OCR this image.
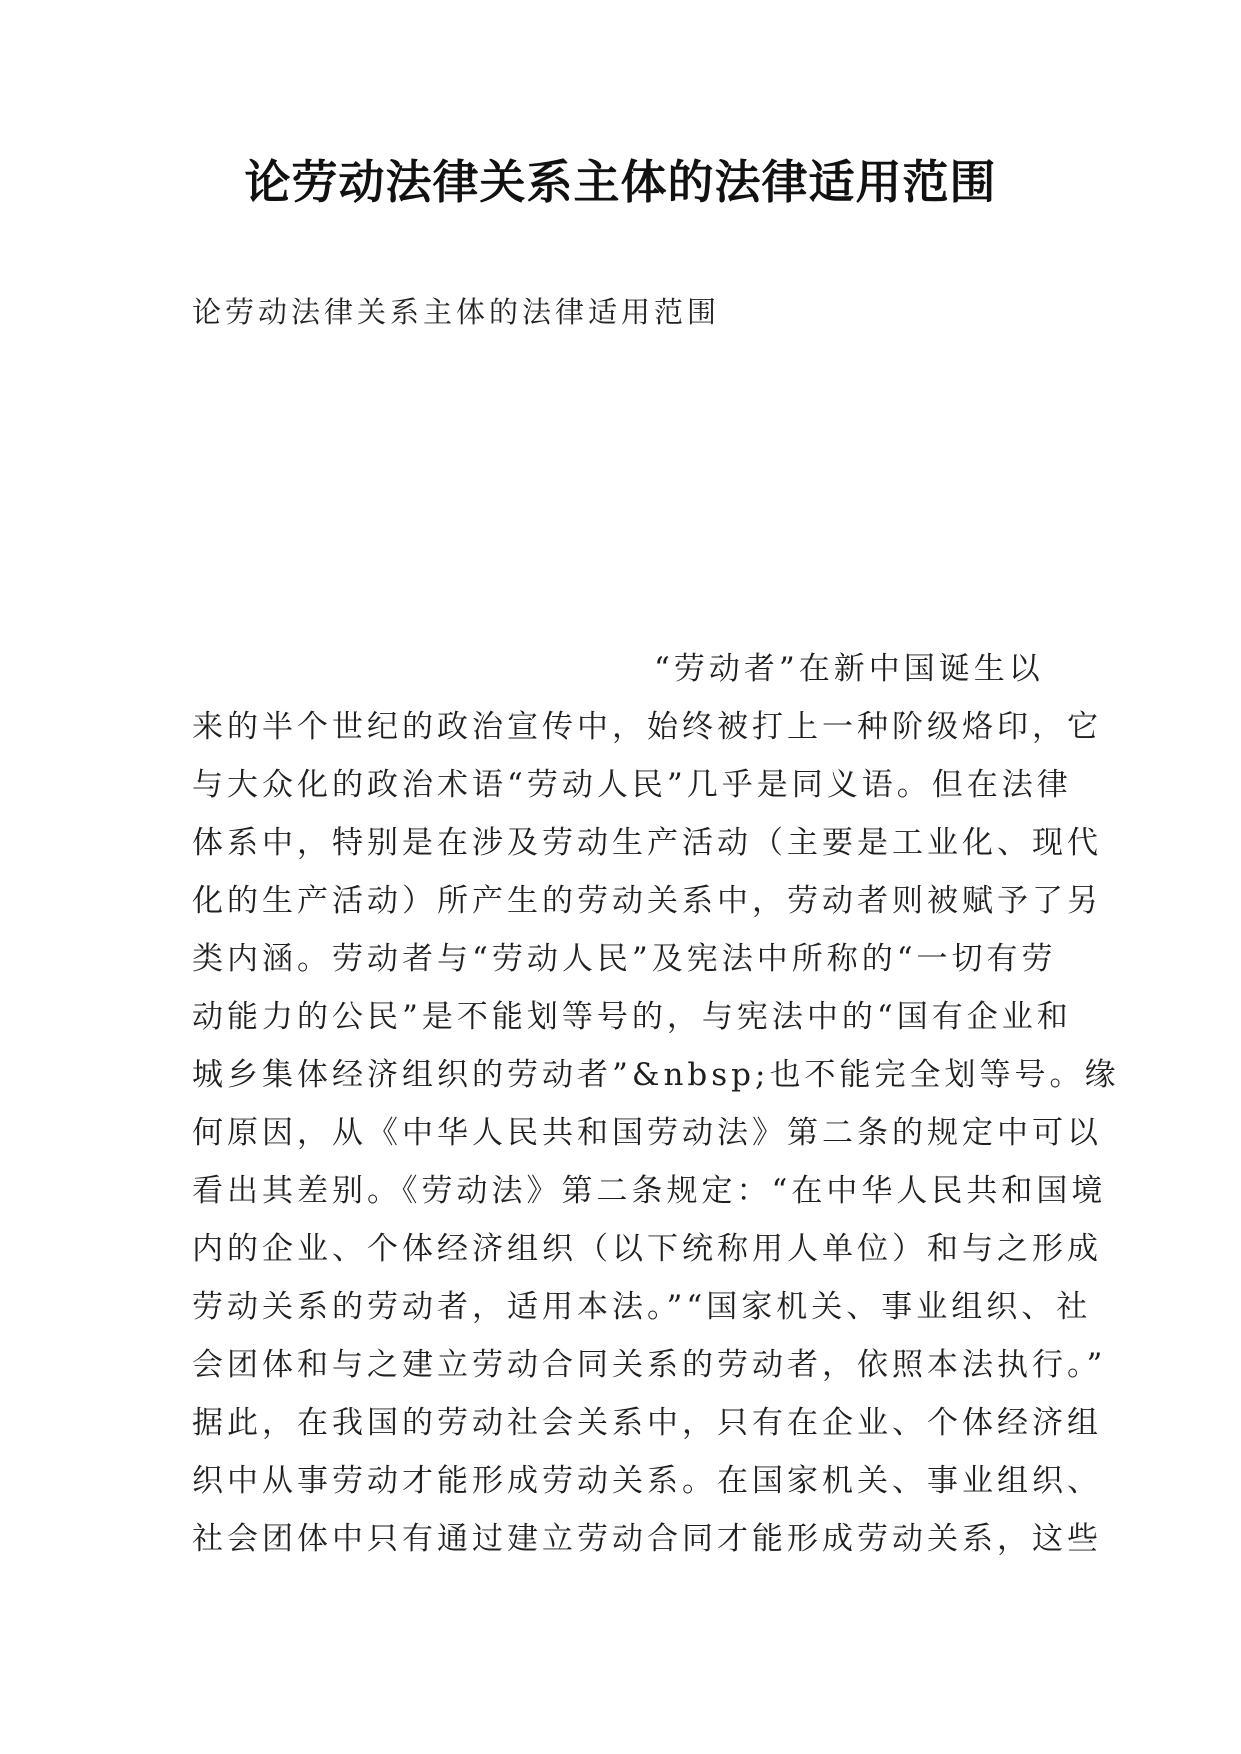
论劳动法律关系主体的法律适用范围

论劳动法律关系主体的法律适用范围

“劳动者”在新中国诞生以
来的半个世纪的政治宣传中，始终被打上一种阶级烙印，它
与大众化的政治术语“劳动人民”几乎是同义语。但在法律
体系中，特别是在涉及劳动生产活动（主要是工业化、现代
化的生产活动）所产生的劳动关系中，劳动者则被赋予了另
类内涵。劳动者与“劳动人民”及宪法中所称的“一切有劳
动能力的公民”是不能划等号的，与宪法中的“国有企业和
城乡集体经济组织的劳动者”&nbsp;也不能完全划等号。缘
何原因，从《中华人民共和国劳动法》第二条的规定中可以
看出其差别。《劳动法》第二条规定：“在中华人民共和国境
内的企业、个体经济组织（以下统称用人单位）和与之形成
劳动关系的劳动者，适用本法。”“国家机关、事业组织、社
会团体和与之建立劳动合同关系的劳动者，依照本法执行。”
据此，在我国的劳动社会关系中，只有在企业、个体经济组
织中从事劳动才能形成劳动关系。在国家机关、事业组织、
社会团体中只有通过建立劳动合同才能形成劳动关系，这些
